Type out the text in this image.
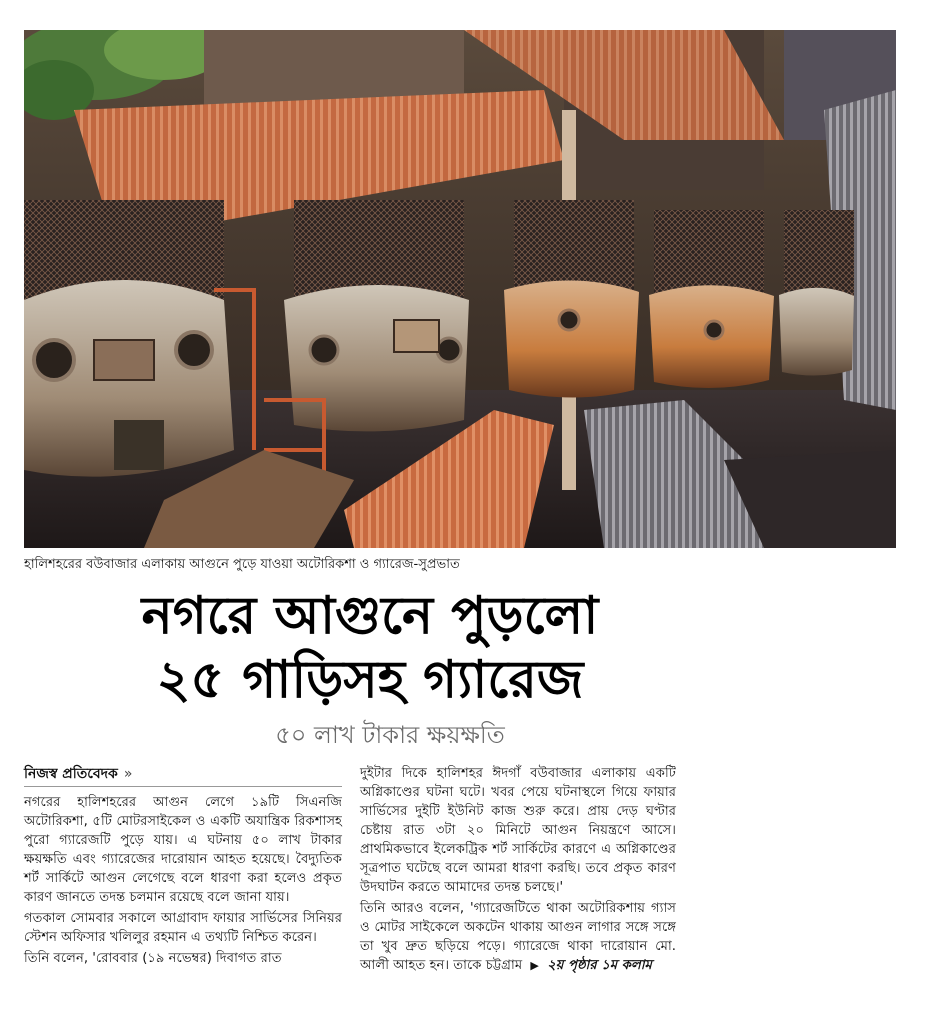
হালিশহরের বউবাজার এলাকায় আগুনে পুড়ে যাওয়া অটোরিকশা ও গ্যারেজ-সুপ্রভাত
নগরে আগুনে পুড়লো
২৫ গাড়িসহ গ্যারেজ
৫০ লাখ টাকার ক্ষয়ক্ষতি
নিজস্ব প্রতিবেদক »

নগরের হালিশহরের আগুন লেগে ১৯টি সিএনজি অটোরিকশা, ৫টি মোটরসাইকেল ও একটি অযান্ত্রিক রিকশাসহ পুরো গ্যারেজটি পুড়ে যায়। এ ঘটনায় ৫০ লাখ টাকার ক্ষয়ক্ষতি এবং গ্যারেজের দারোয়ান আহত হয়েছে। বৈদ্যুতিক শর্ট সার্কিটে আগুন লেগেছে বলে ধারণা করা হলেও প্রকৃত কারণ জানতে তদন্ত চলমান রয়েছে বলে জানা যায়।

গতকাল সোমবার সকালে আগ্রাবাদ ফায়ার সার্ভিসের সিনিয়র স্টেশন অফিসার খলিলুর রহমান এ তথ্যটি নিশ্চিত করেন।

তিনি বলেন, 'রোববার (১৯ নভেম্বর) দিবাগত রাত

দুইটার দিকে হালিশহর ঈদগাঁ বউবাজার এলাকায় একটি অগ্নিকাণ্ডের ঘটনা ঘটে। খবর পেয়ে ঘটনাস্থলে গিয়ে ফায়ার সার্ভিসের দুইটি ইউনিট কাজ শুরু করে। প্রায় দেড় ঘণ্টার চেষ্টায় রাত ৩টা ২০ মিনিটে আগুন নিয়ন্ত্রণে আসে। প্রাথমিকভাবে ইলেকট্রিক শর্ট সার্কিটের কারণে এ অগ্নিকাণ্ডের সূত্রপাত ঘটেছে বলে আমরা ধারণা করছি। তবে প্রকৃত কারণ উদঘাটন করতে আমাদের তদন্ত চলছে।'

তিনি আরও বলেন, 'গ্যারেজটিতে থাকা অটোরিকশায় গ্যাস ও মোটর সাইকেলে অকটেন থাকায় আগুন লাগার সঙ্গে সঙ্গে তা খুব দ্রুত ছড়িয়ে পড়ে। গ্যারেজে থাকা দারোয়ান মো. আলী আহত হন। তাকে চট্টগ্রাম ▶ ২য় পৃষ্ঠার ১ম কলাম
